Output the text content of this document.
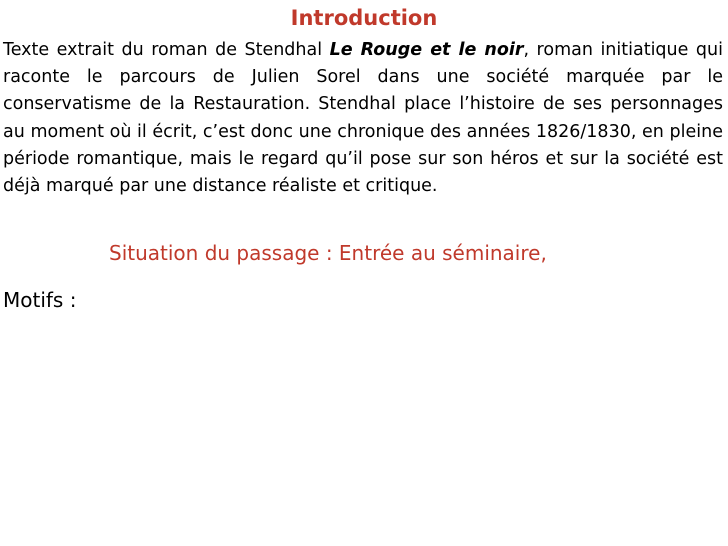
Introduction

Texte extrait du roman de Stendhal Le Rouge et le noir, roman initiatique qui raconte le parcours de Julien Sorel dans une société marquée par le conservatisme de la Restauration. Stendhal place l’histoire de ses personnages au moment où il écrit, c’est donc une chronique des années 1826/1830, en pleine période romantique, mais le regard qu’il pose sur son héros et sur la société est déjà marqué par une distance réaliste et critique.

Situation du passage : Entrée au séminaire,
Motifs :
